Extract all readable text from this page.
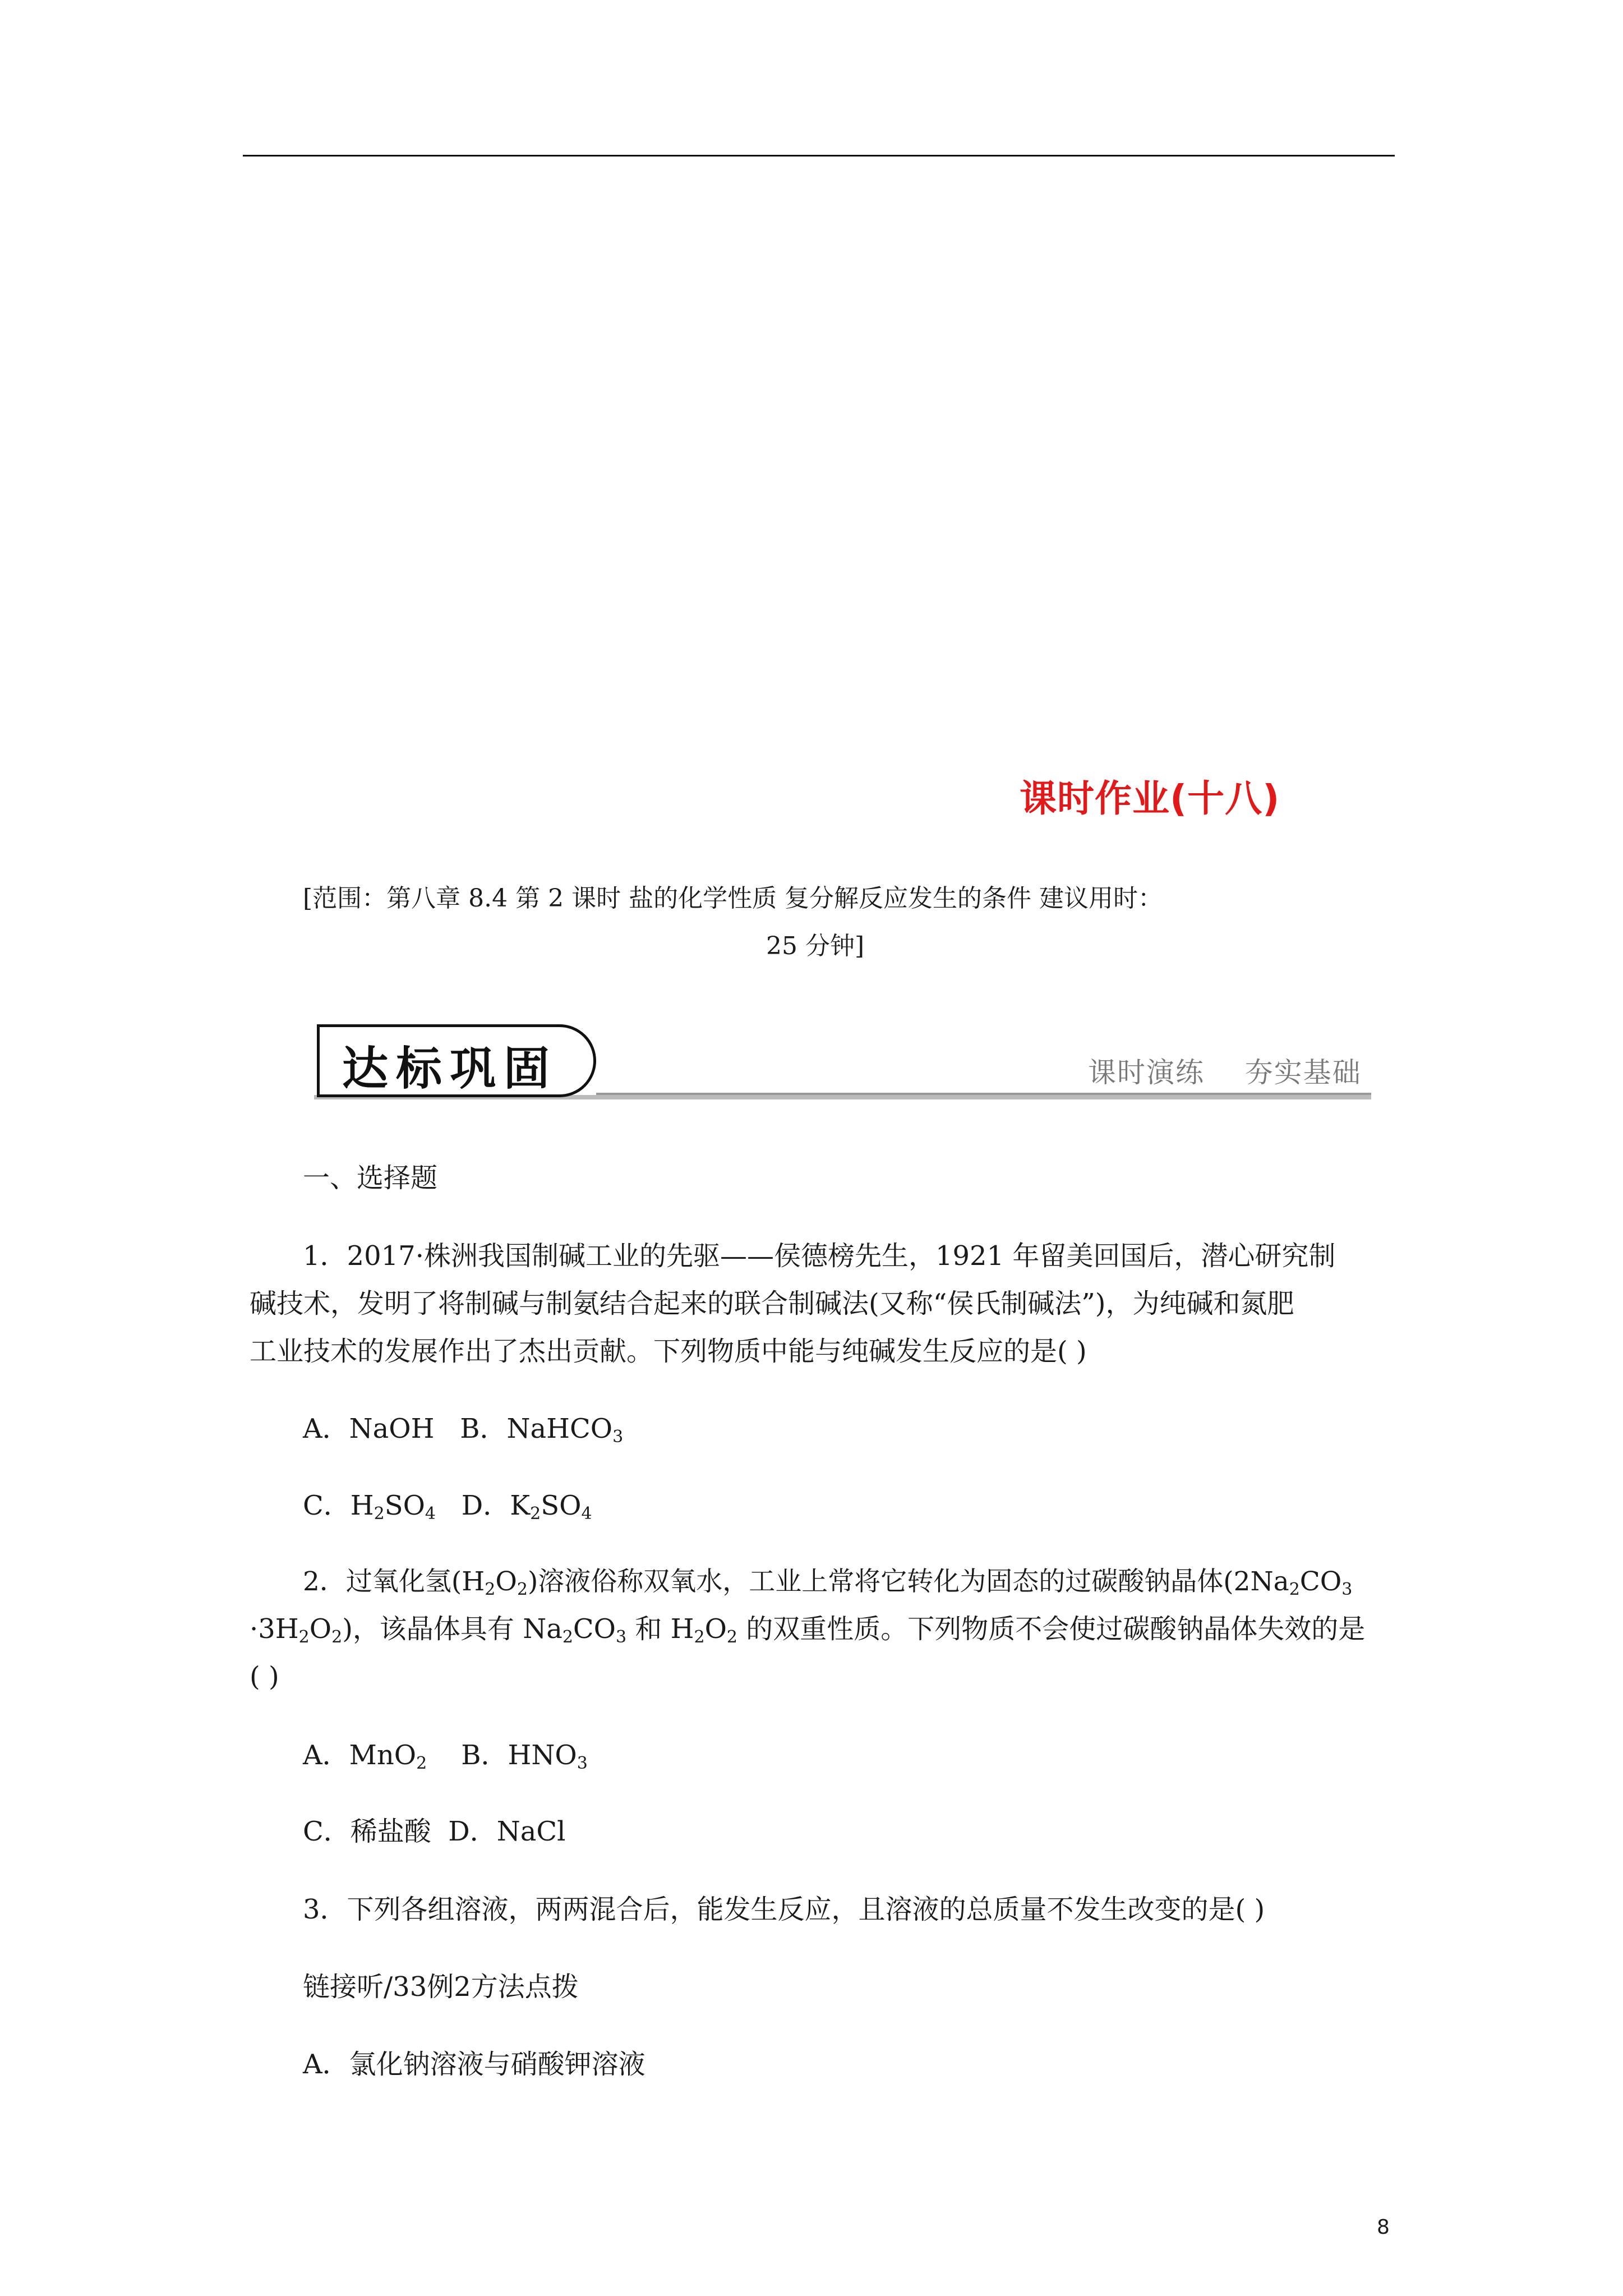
课时作业(十八)
[范围：第八章 8.4 第 2 课时 盐的化学性质 复分解反应发生的条件 建议用时：
25 分钟]
达标巩固	课时演练    夯实基础
一、选择题
1．2017·株洲我国制碱工业的先驱——侯德榜先生，1921 年留美回国后，潜心研究制
碱技术，发明了将制碱与制氨结合起来的联合制碱法(又称“侯氏制碱法”)，为纯碱和氮肥
工业技术的发展作出了杰出贡献。下列物质中能与纯碱发生反应的是( )
A．NaOH B．NaHCO$_3$
C．$H_2SO_4$ D．$K_2SO_4$
2．过氧化氢$(H_2O_2)$溶液俗称双氧水，工业上常将它转化为固态的过碳酸钠晶体($2Na_2CO_3$
$\cdot 3H_2O_2$)，该晶体具有 $Na_2CO_3$ 和 $H_2O_2$ 的双重性质。下列物质不会使过碳酸钠晶体失效的是
( )
A．MnO$_2$ B．$HNO_3$
C．稀盐酸 D．NaCl
3．下列各组溶液，两两混合后，能发生反应，且溶液的总质量不发生改变的是( )
链接听/33例2方法点拨
A．氯化钠溶液与硝酸钾溶液
8
